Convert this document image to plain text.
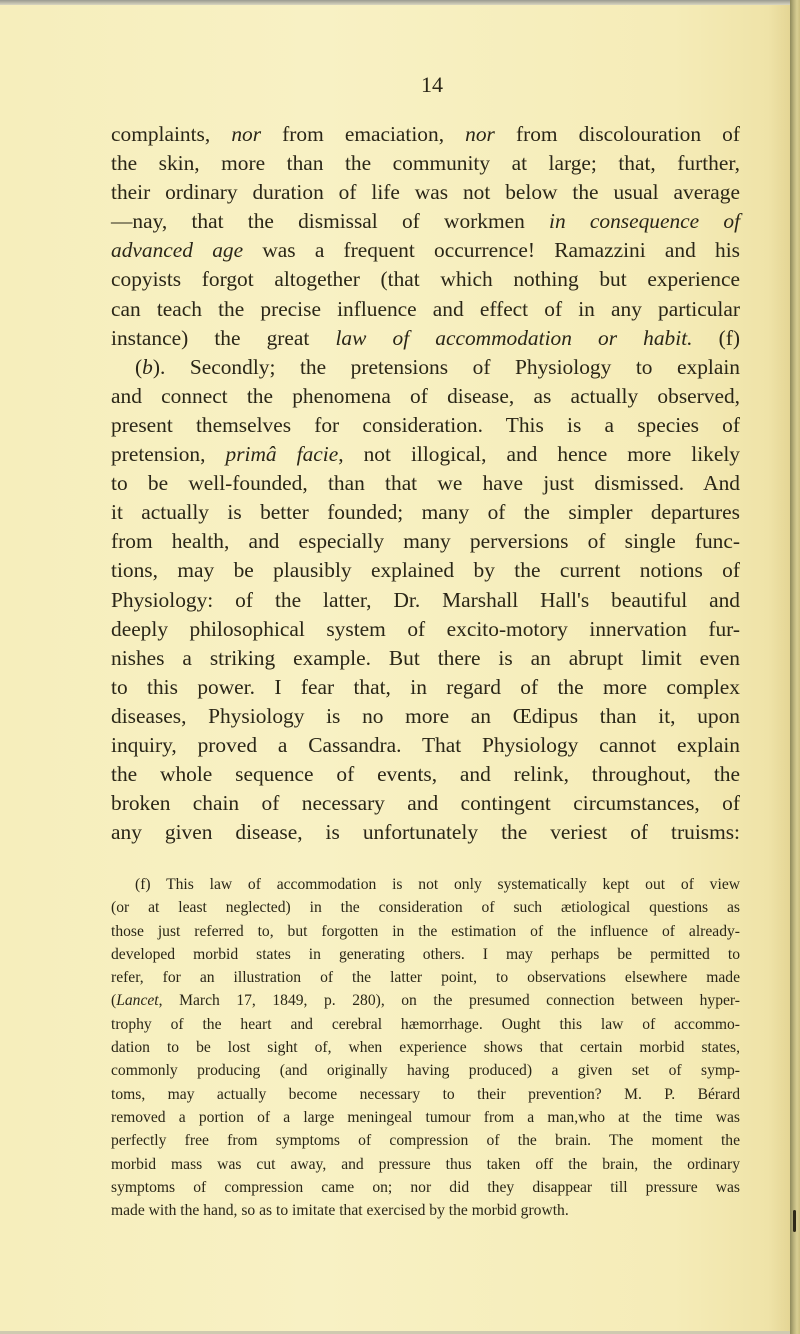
14
complaints, nor from emaciation, nor from discolouration of
the skin, more than the community at large; that, further,
their ordinary duration of life was not below the usual average
—nay, that the dismissal of workmen in consequence of
advanced age was a frequent occurrence! Ramazzini and his
copyists forgot altogether (that which nothing but experience
can teach the precise influence and effect of in any particular
instance) the great law of accommodation or habit. (f)
(b). Secondly; the pretensions of Physiology to explain
and connect the phenomena of disease, as actually observed,
present themselves for consideration. This is a species of
pretension, primâ facie, not illogical, and hence more likely
to be well-founded, than that we have just dismissed. And
it actually is better founded; many of the simpler departures
from health, and especially many perversions of single func-
tions, may be plausibly explained by the current notions of
Physiology: of the latter, Dr. Marshall Hall's beautiful and
deeply philosophical system of excito-motory innervation fur-
nishes a striking example. But there is an abrupt limit even
to this power. I fear that, in regard of the more complex
diseases, Physiology is no more an Œdipus than it, upon
inquiry, proved a Cassandra. That Physiology cannot explain
the whole sequence of events, and relink, throughout, the
broken chain of necessary and contingent circumstances, of
any given disease, is unfortunately the veriest of truisms:
(f) This law of accommodation is not only systematically kept out of view
(or at least neglected) in the consideration of such ætiological questions as
those just referred to, but forgotten in the estimation of the influence of already-
developed morbid states in generating others. I may perhaps be permitted to
refer, for an illustration of the latter point, to observations elsewhere made
(Lancet, March 17, 1849, p. 280), on the presumed connection between hyper-
trophy of the heart and cerebral hæmorrhage. Ought this law of accommo-
dation to be lost sight of, when experience shows that certain morbid states,
commonly producing (and originally having produced) a given set of symp-
toms, may actually become necessary to their prevention? M. P. Bérard
removed a portion of a large meningeal tumour from a man,who at the time was
perfectly free from symptoms of compression of the brain. The moment the
morbid mass was cut away, and pressure thus taken off the brain, the ordinary
symptoms of compression came on; nor did they disappear till pressure was
made with the hand, so as to imitate that exercised by the morbid growth.
